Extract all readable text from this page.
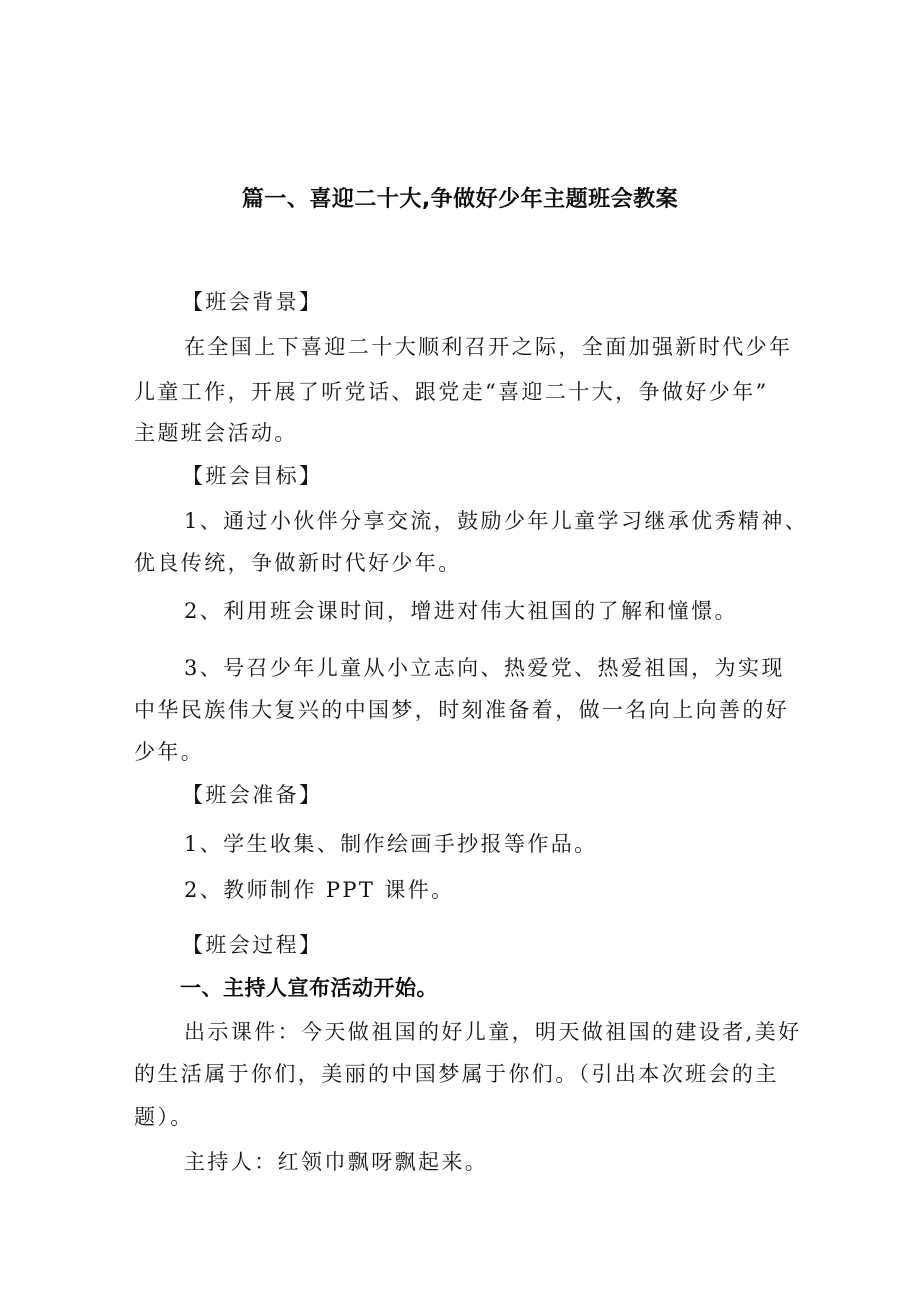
篇一、喜迎二十大,争做好少年主题班会教案
【班会背景】
在全国上下喜迎二十大顺利召开之际，全面加强新时代少年
儿童工作，开展了听党话、跟党走“喜迎二十大，争做好少年”
主题班会活动。
【班会目标】
1、通过小伙伴分享交流，鼓励少年儿童学习继承优秀精神、
优良传统，争做新时代好少年。
2、利用班会课时间，增进对伟大祖国的了解和憧憬。
3、号召少年儿童从小立志向、热爱党、热爱祖国，为实现
中华民族伟大复兴的中国梦，时刻准备着，做一名向上向善的好
少年。
【班会准备】
1、学生收集、制作绘画手抄报等作品。
2、教师制作 PPT 课件。
【班会过程】
一、主持人宣布活动开始。
出示课件：今天做祖国的好儿童，明天做祖国的建设者,美好
的生活属于你们，美丽的中国梦属于你们。（引出本次班会的主
题）。
主持人：红领巾飘呀飘起来。
